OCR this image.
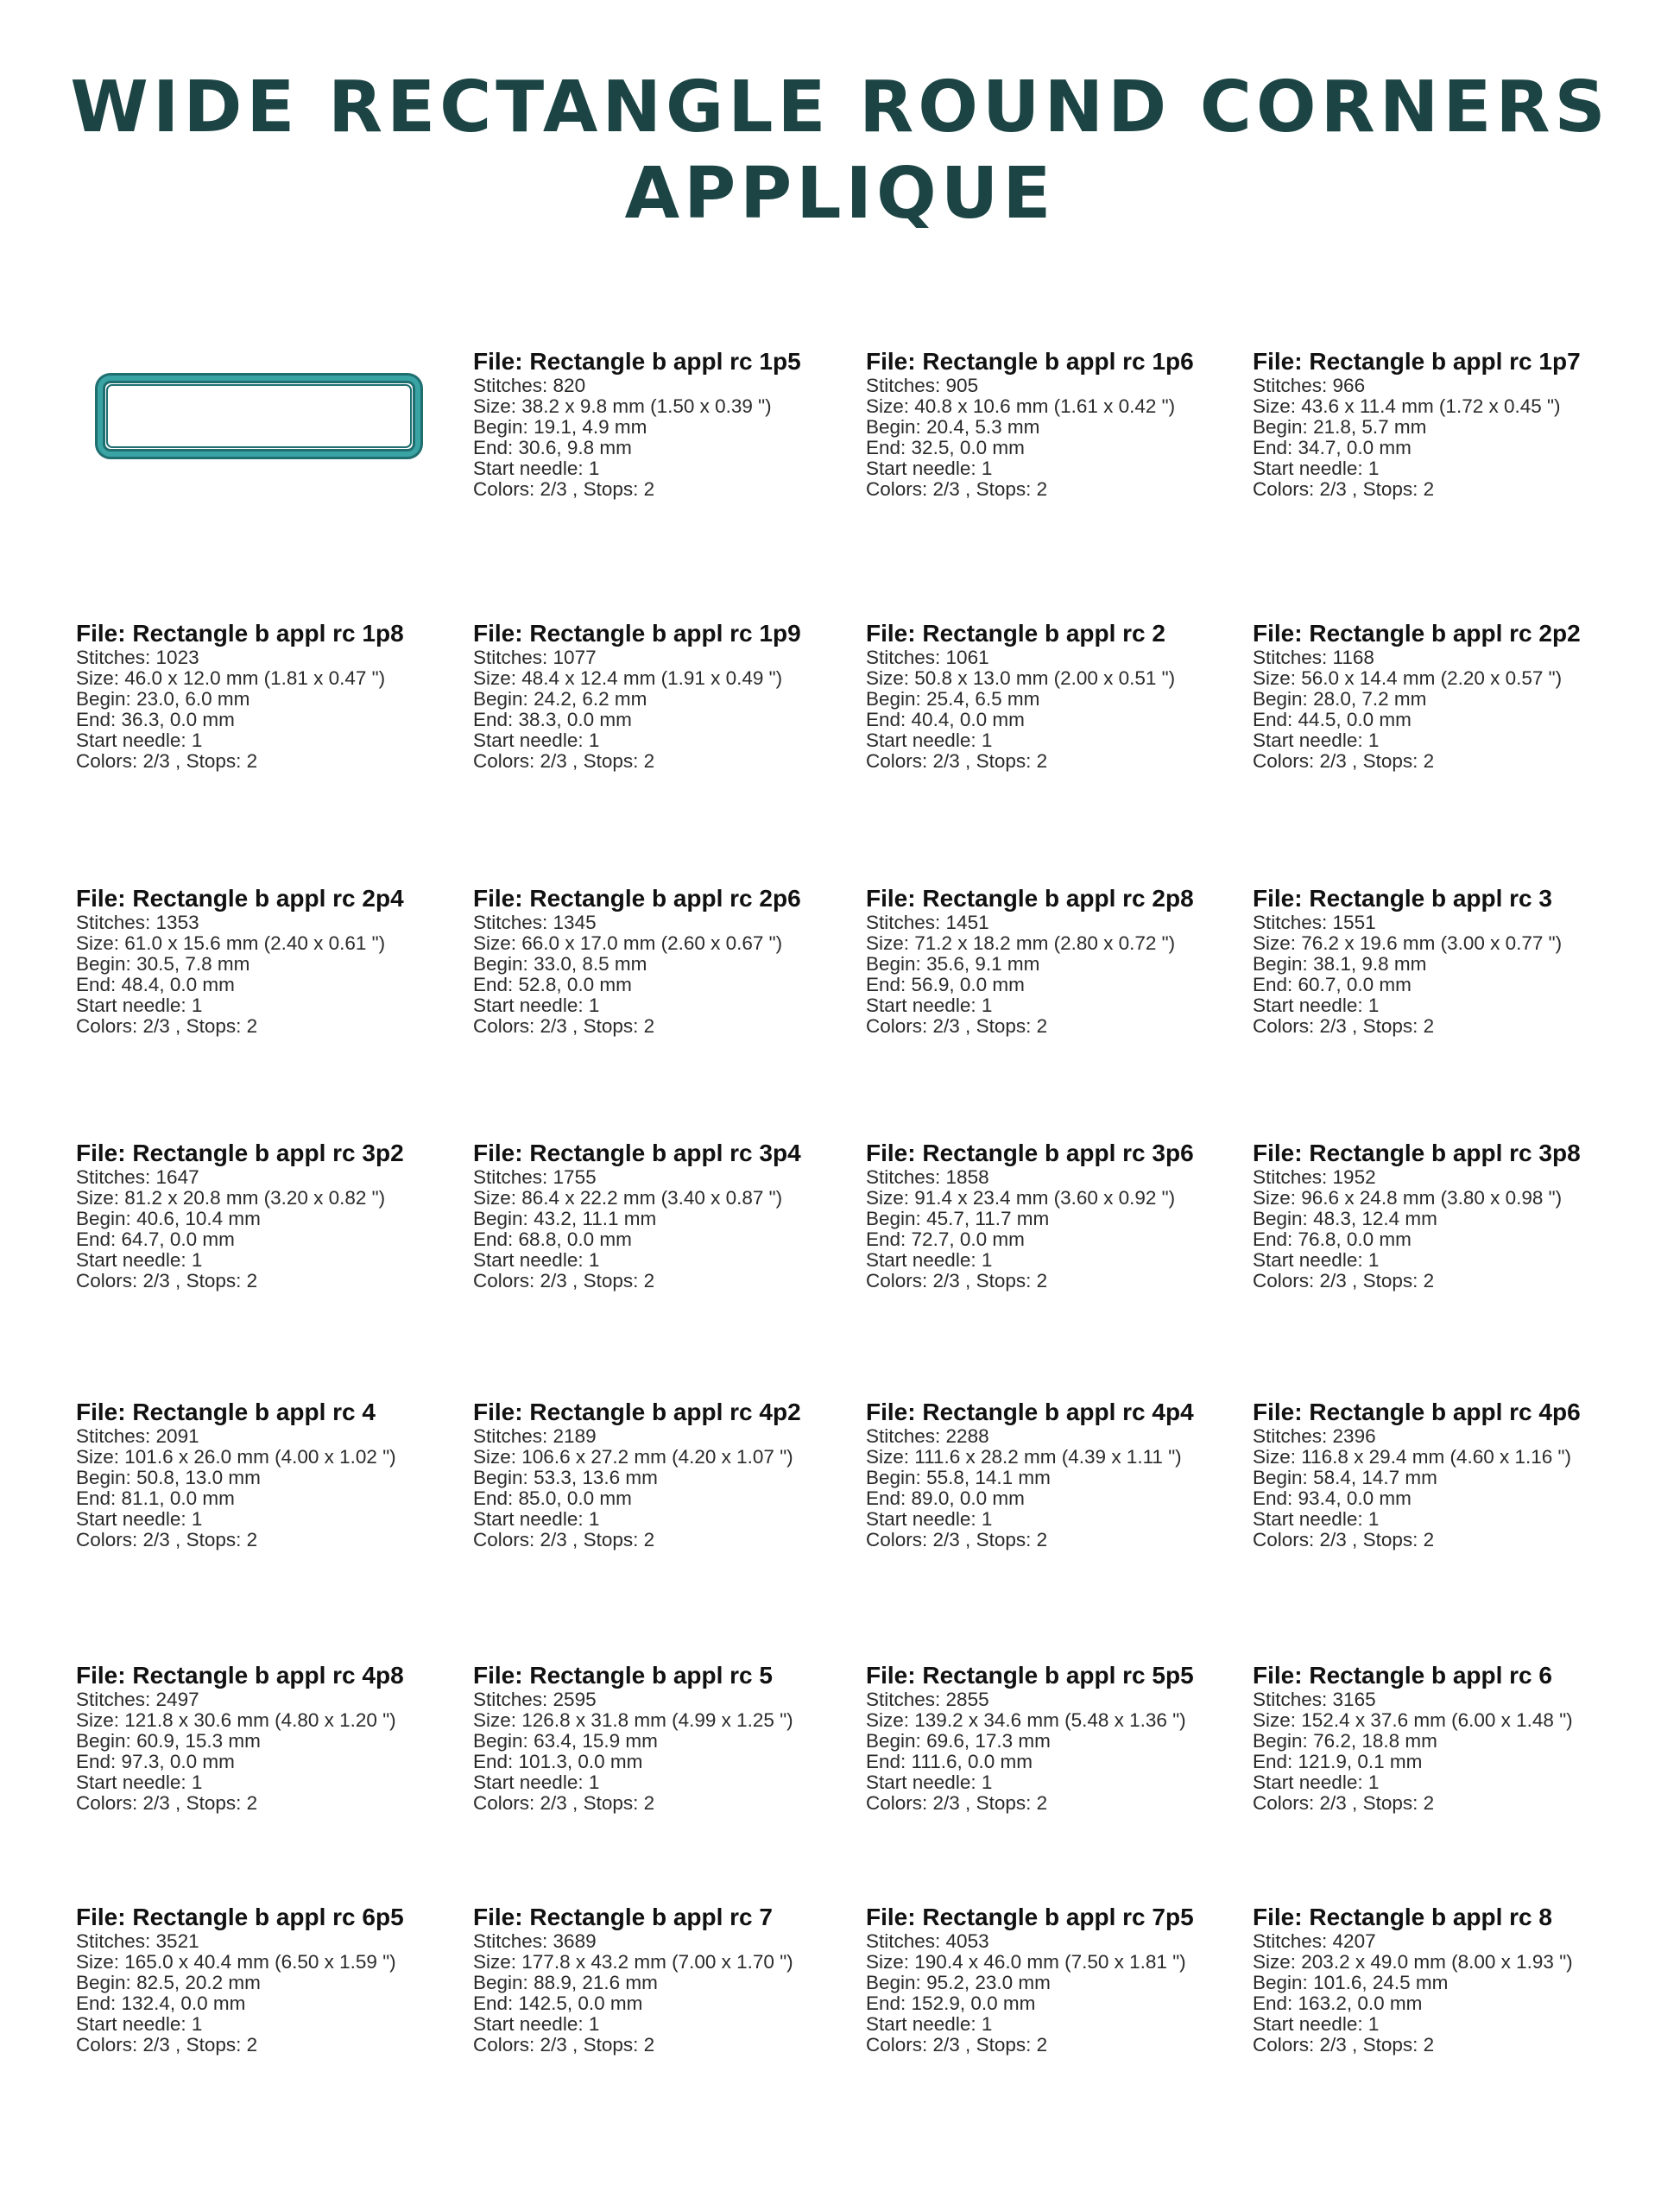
WIDE RECTANGLE ROUND CORNERS
APPLIQUE
File: Rectangle b appl rc 1p5
Stitches: 820
Size: 38.2 x 9.8 mm (1.50 x 0.39 ")
Begin: 19.1, 4.9 mm
End: 30.6, 9.8 mm
Start needle: 1
Colors: 2/3 , Stops: 2
File: Rectangle b appl rc 1p6
Stitches: 905
Size: 40.8 x 10.6 mm (1.61 x 0.42 ")
Begin: 20.4, 5.3 mm
End: 32.5, 0.0 mm
Start needle: 1
Colors: 2/3 , Stops: 2
File: Rectangle b appl rc 1p7
Stitches: 966
Size: 43.6 x 11.4 mm (1.72 x 0.45 ")
Begin: 21.8, 5.7 mm
End: 34.7, 0.0 mm
Start needle: 1
Colors: 2/3 , Stops: 2
File: Rectangle b appl rc 1p8
Stitches: 1023
Size: 46.0 x 12.0 mm (1.81 x 0.47 ")
Begin: 23.0, 6.0 mm
End: 36.3, 0.0 mm
Start needle: 1
Colors: 2/3 , Stops: 2
File: Rectangle b appl rc 1p9
Stitches: 1077
Size: 48.4 x 12.4 mm (1.91 x 0.49 ")
Begin: 24.2, 6.2 mm
End: 38.3, 0.0 mm
Start needle: 1
Colors: 2/3 , Stops: 2
File: Rectangle b appl rc 2
Stitches: 1061
Size: 50.8 x 13.0 mm (2.00 x 0.51 ")
Begin: 25.4, 6.5 mm
End: 40.4, 0.0 mm
Start needle: 1
Colors: 2/3 , Stops: 2
File: Rectangle b appl rc 2p2
Stitches: 1168
Size: 56.0 x 14.4 mm (2.20 x 0.57 ")
Begin: 28.0, 7.2 mm
End: 44.5, 0.0 mm
Start needle: 1
Colors: 2/3 , Stops: 2
File: Rectangle b appl rc 2p4
Stitches: 1353
Size: 61.0 x 15.6 mm (2.40 x 0.61 ")
Begin: 30.5, 7.8 mm
End: 48.4, 0.0 mm
Start needle: 1
Colors: 2/3 , Stops: 2
File: Rectangle b appl rc 2p6
Stitches: 1345
Size: 66.0 x 17.0 mm (2.60 x 0.67 ")
Begin: 33.0, 8.5 mm
End: 52.8, 0.0 mm
Start needle: 1
Colors: 2/3 , Stops: 2
File: Rectangle b appl rc 2p8
Stitches: 1451
Size: 71.2 x 18.2 mm (2.80 x 0.72 ")
Begin: 35.6, 9.1 mm
End: 56.9, 0.0 mm
Start needle: 1
Colors: 2/3 , Stops: 2
File: Rectangle b appl rc 3
Stitches: 1551
Size: 76.2 x 19.6 mm (3.00 x 0.77 ")
Begin: 38.1, 9.8 mm
End: 60.7, 0.0 mm
Start needle: 1
Colors: 2/3 , Stops: 2
File: Rectangle b appl rc 3p2
Stitches: 1647
Size: 81.2 x 20.8 mm (3.20 x 0.82 ")
Begin: 40.6, 10.4 mm
End: 64.7, 0.0 mm
Start needle: 1
Colors: 2/3 , Stops: 2
File: Rectangle b appl rc 3p4
Stitches: 1755
Size: 86.4 x 22.2 mm (3.40 x 0.87 ")
Begin: 43.2, 11.1 mm
End: 68.8, 0.0 mm
Start needle: 1
Colors: 2/3 , Stops: 2
File: Rectangle b appl rc 3p6
Stitches: 1858
Size: 91.4 x 23.4 mm (3.60 x 0.92 ")
Begin: 45.7, 11.7 mm
End: 72.7, 0.0 mm
Start needle: 1
Colors: 2/3 , Stops: 2
File: Rectangle b appl rc 3p8
Stitches: 1952
Size: 96.6 x 24.8 mm (3.80 x 0.98 ")
Begin: 48.3, 12.4 mm
End: 76.8, 0.0 mm
Start needle: 1
Colors: 2/3 , Stops: 2
File: Rectangle b appl rc 4
Stitches: 2091
Size: 101.6 x 26.0 mm (4.00 x 1.02 ")
Begin: 50.8, 13.0 mm
End: 81.1, 0.0 mm
Start needle: 1
Colors: 2/3 , Stops: 2
File: Rectangle b appl rc 4p2
Stitches: 2189
Size: 106.6 x 27.2 mm (4.20 x 1.07 ")
Begin: 53.3, 13.6 mm
End: 85.0, 0.0 mm
Start needle: 1
Colors: 2/3 , Stops: 2
File: Rectangle b appl rc 4p4
Stitches: 2288
Size: 111.6 x 28.2 mm (4.39 x 1.11 ")
Begin: 55.8, 14.1 mm
End: 89.0, 0.0 mm
Start needle: 1
Colors: 2/3 , Stops: 2
File: Rectangle b appl rc 4p6
Stitches: 2396
Size: 116.8 x 29.4 mm (4.60 x 1.16 ")
Begin: 58.4, 14.7 mm
End: 93.4, 0.0 mm
Start needle: 1
Colors: 2/3 , Stops: 2
File: Rectangle b appl rc 4p8
Stitches: 2497
Size: 121.8 x 30.6 mm (4.80 x 1.20 ")
Begin: 60.9, 15.3 mm
End: 97.3, 0.0 mm
Start needle: 1
Colors: 2/3 , Stops: 2
File: Rectangle b appl rc 5
Stitches: 2595
Size: 126.8 x 31.8 mm (4.99 x 1.25 ")
Begin: 63.4, 15.9 mm
End: 101.3, 0.0 mm
Start needle: 1
Colors: 2/3 , Stops: 2
File: Rectangle b appl rc 5p5
Stitches: 2855
Size: 139.2 x 34.6 mm (5.48 x 1.36 ")
Begin: 69.6, 17.3 mm
End: 111.6, 0.0 mm
Start needle: 1
Colors: 2/3 , Stops: 2
File: Rectangle b appl rc 6
Stitches: 3165
Size: 152.4 x 37.6 mm (6.00 x 1.48 ")
Begin: 76.2, 18.8 mm
End: 121.9, 0.1 mm
Start needle: 1
Colors: 2/3 , Stops: 2
File: Rectangle b appl rc 6p5
Stitches: 3521
Size: 165.0 x 40.4 mm (6.50 x 1.59 ")
Begin: 82.5, 20.2 mm
End: 132.4, 0.0 mm
Start needle: 1
Colors: 2/3 , Stops: 2
File: Rectangle b appl rc 7
Stitches: 3689
Size: 177.8 x 43.2 mm (7.00 x 1.70 ")
Begin: 88.9, 21.6 mm
End: 142.5, 0.0 mm
Start needle: 1
Colors: 2/3 , Stops: 2
File: Rectangle b appl rc 7p5
Stitches: 4053
Size: 190.4 x 46.0 mm (7.50 x 1.81 ")
Begin: 95.2, 23.0 mm
End: 152.9, 0.0 mm
Start needle: 1
Colors: 2/3 , Stops: 2
File: Rectangle b appl rc 8
Stitches: 4207
Size: 203.2 x 49.0 mm (8.00 x 1.93 ")
Begin: 101.6, 24.5 mm
End: 163.2, 0.0 mm
Start needle: 1
Colors: 2/3 , Stops: 2
